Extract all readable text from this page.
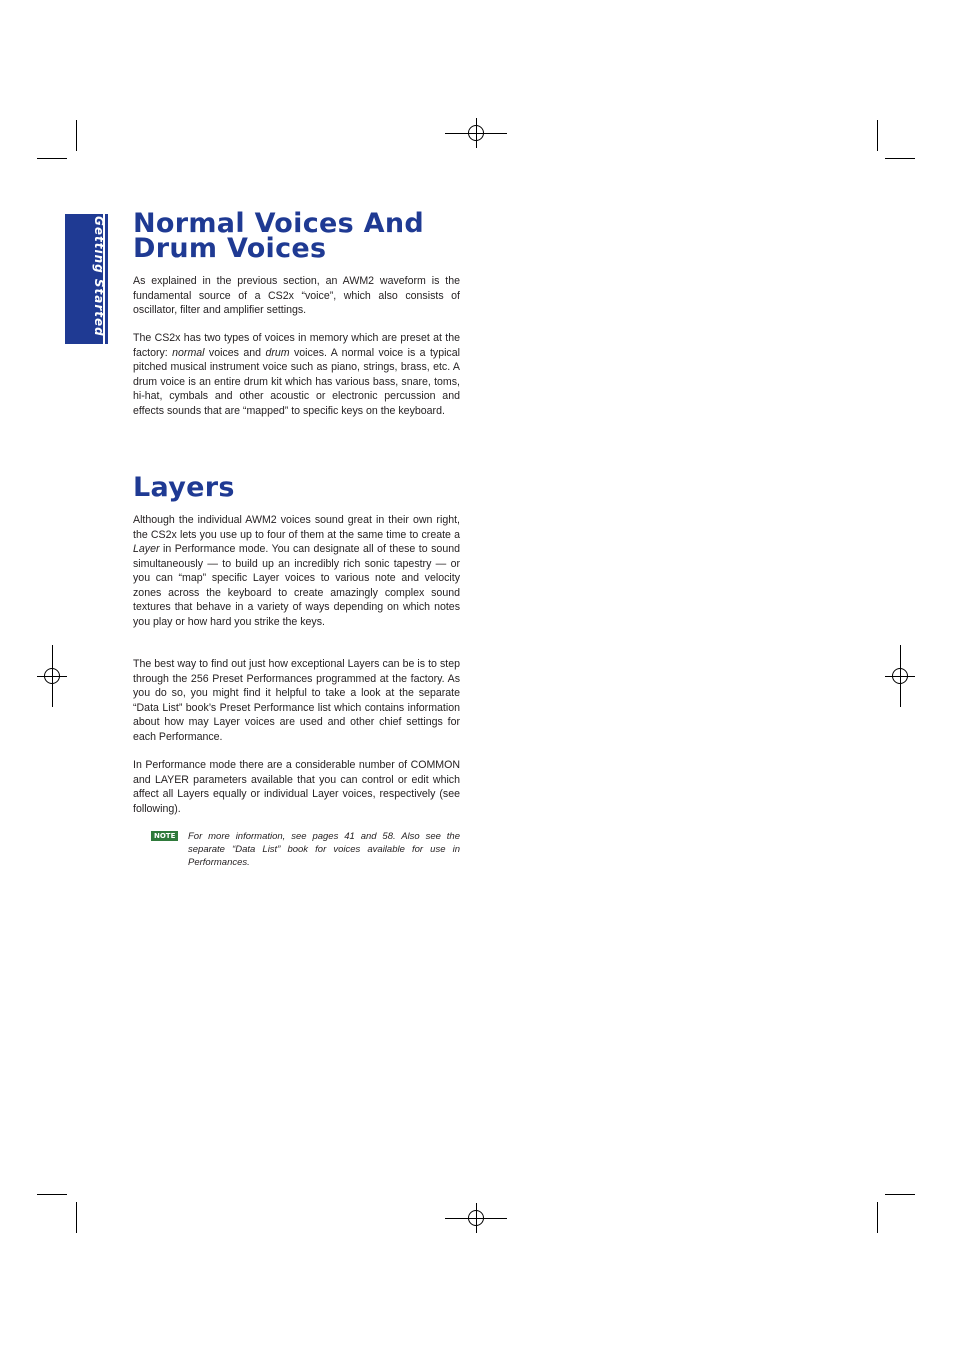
Getting Started Normal Voices And
Drum Voices

As explained in the previous section, an AWM2 waveform is the fundamental source of a CS2x “voice”, which also consists of oscillator, filter and amplifier settings.

The CS2x has two types of voices in memory which are preset at the factory: normal voices and drum voices. A normal voice is a typical pitched musical instrument voice such as piano, strings, brass, etc. A drum voice is an entire drum kit which has various bass, snare, toms, hi-hat, cymbals and other acoustic or electronic percussion and effects sounds that are “mapped” to specific keys on the keyboard.

Layers

Although the individual AWM2 voices sound great in their own right, the CS2x lets you use up to four of them at the same time to create a Layer in Performance mode. You can designate all of these to sound simultaneously — to build up an incredibly rich sonic tapestry — or you can “map” specific Layer voices to various note and velocity zones across the keyboard to create amazingly complex sound textures that behave in a variety of ways depending on which notes you play or how hard you strike the keys.

The best way to find out just how exceptional Layers can be is to step through the 256 Preset Performances programmed at the factory. As you do so, you might find it helpful to take a look at the separate “Data List” book’s Preset Performance list which contains information about how may Layer voices are used and other chief settings for each Performance.

In Performance mode there are a considerable number of COMMON and LAYER parameters available that you can control or edit which affect all Layers equally or individual Layer voices, respectively (see following).

NOTE	For more information, see pages 41 and 58. Also see the separate “Data List” book for voices available for use in Performances.
